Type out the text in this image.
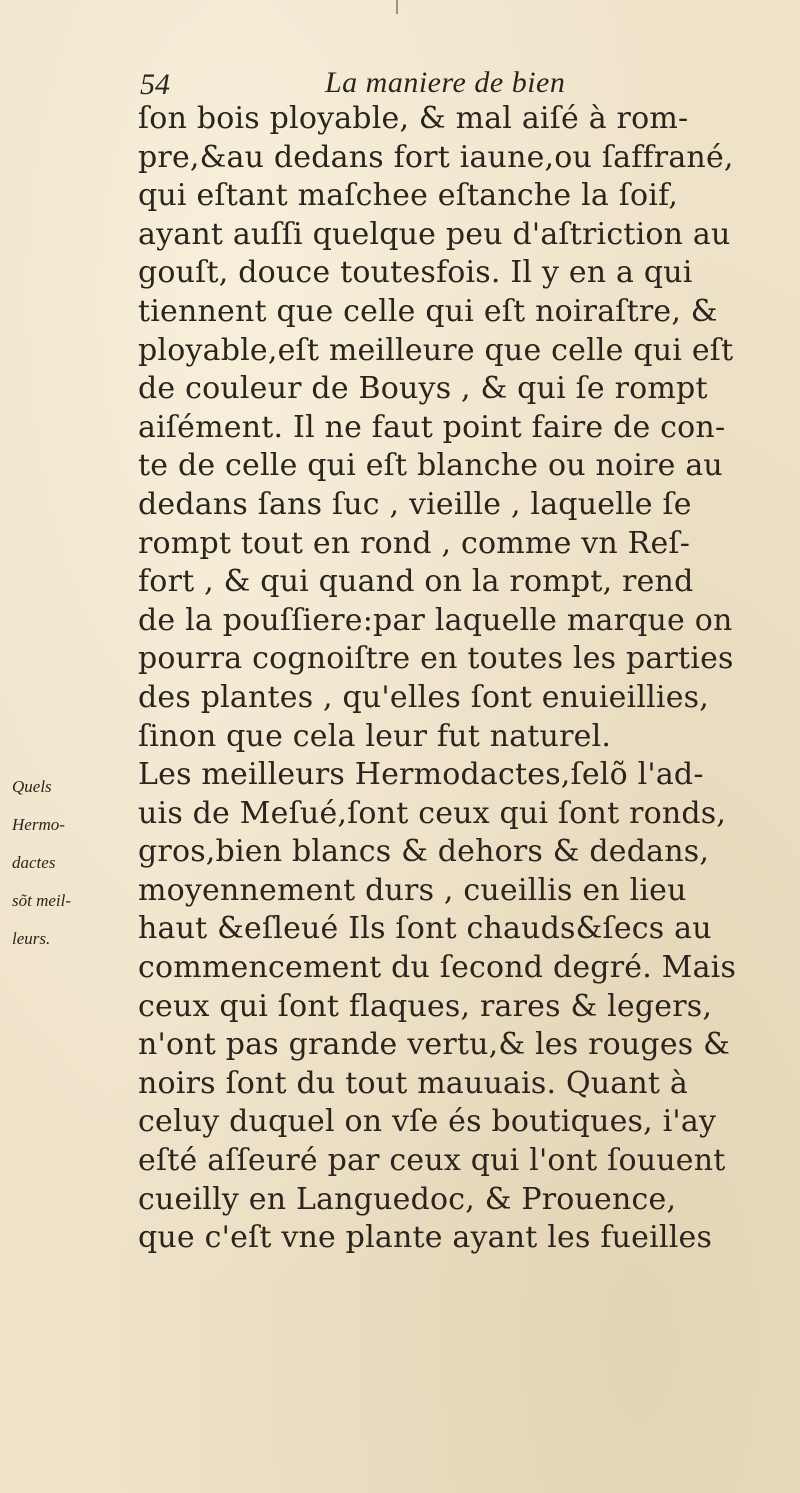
54	La maniere de bien
ſon bois ployable, & mal aiſé à rom-
pre,&au dedans fort iaune,ou ſaffrané,
qui eſtant maſchee eſtanche la ſoif,
ayant auſſi quelque peu d'aſtriction au
gouſt, douce toutesfois. Il y en a qui
tiennent que celle qui eſt noiraſtre, &
ployable,eſt meilleure que celle qui eſt
de couleur de Bouys , & qui ſe rompt
aiſément. Il ne faut point faire de con-
te de celle qui eſt blanche ou noire au
dedans ſans ſuc , vieille , laquelle ſe
rompt tout en rond , comme vn Reſ-
fort , & qui quand on la rompt, rend
de la pouſſiere:par laquelle marque on
pourra cognoiſtre en toutes les parties
des plantes , qu'elles ſont enuieillies,
ſinon que cela leur fut naturel.
Les meilleurs Hermodactes,ſelõ l'ad-
uis de Meſué,ſont ceux qui ſont ronds,
gros,bien blancs & dehors & dedans,
moyennement durs , cueillis en lieu
haut &eſleué Ils ſont chauds&ſecs au
commencement du ſecond degré. Mais
ceux qui ſont flaques, rares & legers,
n'ont pas grande vertu,& les rouges &
noirs ſont du tout mauuais. Quant à
celuy duquel on vſe és boutiques, i'ay
eſté aſſeuré par ceux qui l'ont ſouuent
cueilly en Languedoc, & Prouence,
que c'eſt vne plante ayant les fueilles
Quels
Hermo-
dactes
sõt meil-
leurs.
